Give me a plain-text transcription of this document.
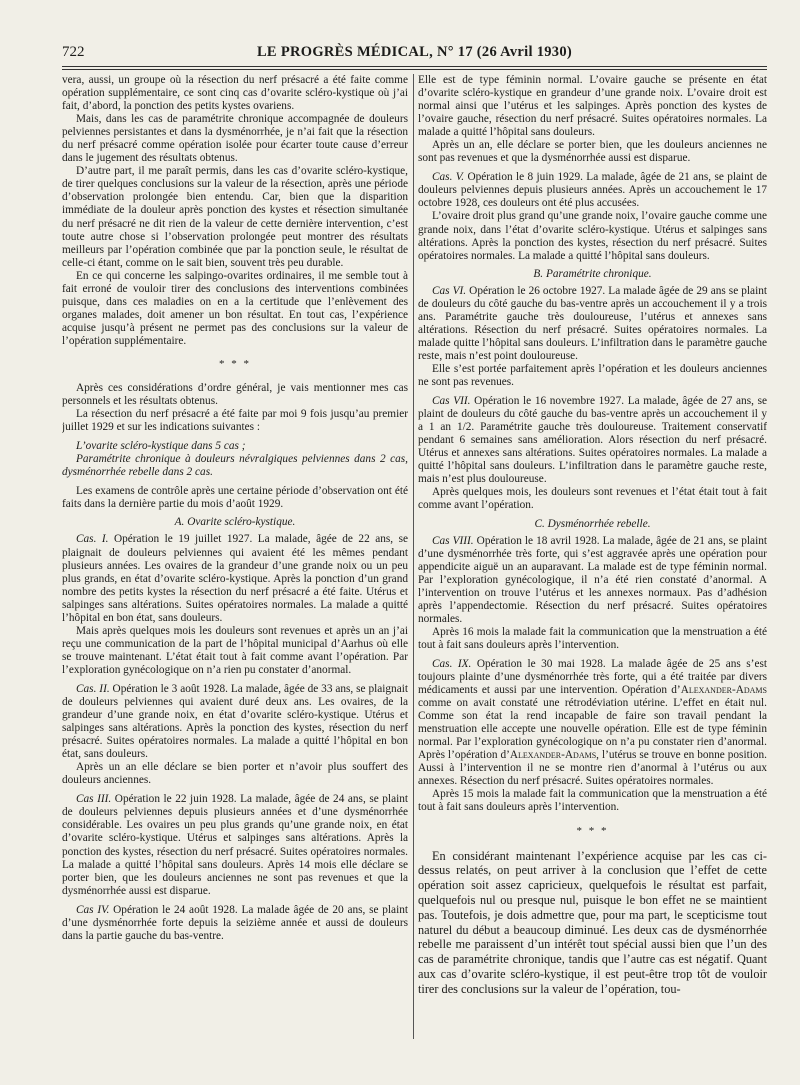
722	LE PROGRÈS MÉDICAL, N° 17 (26 Avril 1930)

vera, aussi, un groupe où la résection du nerf présacré a été faite comme opération supplémentaire, ce sont cinq cas d’ovarite scléro-kystique où j’ai fait, d’abord, la ponction des petits kystes ovariens.

Mais, dans les cas de paramétrite chronique accompagnée de douleurs pelviennes persistantes et dans la dysménorrhée, je n’ai fait que la résection du nerf présacré comme opération isolée pour écarter toute cause d’erreur dans le jugement des résultats obtenus.

D’autre part, il me paraît permis, dans les cas d’ovarite scléro-kystique, de tirer quelques conclusions sur la valeur de la résection, après une période d’observation prolongée bien entendu. Car, bien que la disparition immédiate de la douleur après ponction des kystes et résection simultanée du nerf présacré ne dit rien de la valeur de cette dernière intervention, c’est toute autre chose si l’observation prolongée peut montrer des résultats meilleurs par l’opération combinée que par la ponction seule, le résultat de celle-ci étant, comme on le sait bien, souvent très peu durable.

En ce qui concerne les salpingo-ovarites ordinaires, il me semble tout à fait erroné de vouloir tirer des conclusions des interventions combinées puisque, dans ces maladies on en a la certitude que l’enlèvement des organes malades, doit amener un bon résultat. En tout cas, l’expérience acquise jusqu’à présent ne permet pas des conclusions sur la valeur de l’opération supplémentaire.

* * *

Après ces considérations d’ordre général, je vais mentionner mes cas personnels et les résultats obtenus.

La résection du nerf présacré a été faite par moi 9 fois jusqu’au premier juillet 1929 et sur les indications suivantes :

L’ovarite scléro-kystique dans 5 cas ;

Paramétrite chronique à douleurs névralgiques pelviennes dans 2 cas, dysménorrhée rebelle dans 2 cas.

Les examens de contrôle après une certaine période d’observation ont été faits dans la dernière partie du mois d’août 1929.

A. Ovarite scléro-kystique.

Cas. I. Opération le 19 juillet 1927. La malade, âgée de 22 ans, se plaignait de douleurs pelviennes qui avaient été les mêmes pendant plusieurs années. Les ovaires de la grandeur d’une grande noix ou un peu plus grands, en état d’ovarite scléro-kystique. Après la ponction d’un grand nombre des petits kystes la résection du nerf présacré a été faite. Utérus et salpinges sans altérations. Suites opératoires normales. La malade a quitté l’hôpital en bon état, sans douleurs.

Mais après quelques mois les douleurs sont revenues et après un an j’ai reçu une communication de la part de l’hôpital municipal d’Aarhus où elle se trouve maintenant. L’état était tout à fait comme avant l’opération. Par l’exploration gynécologique on n’a rien pu constater d’anormal.

Cas. II. Opération le 3 août 1928. La malade, âgée de 33 ans, se plaignait de douleurs pelviennes qui avaient duré deux ans. Les ovaires, de la grandeur d’une grande noix, en état d’ovarite scléro-kystique. Utérus et salpinges sans altérations. Après la ponction des kystes, résection du nerf présacré. Suites opératoires normales. La malade a quitté l’hôpital en bon état, sans douleurs.

Après un an elle déclare se bien porter et n’avoir plus souffert des douleurs anciennes.

Cas III. Opération le 22 juin 1928. La malade, âgée de 24 ans, se plaint de douleurs pelviennes depuis plusieurs années et d’une dysménorrhée considérable. Les ovaires un peu plus grands qu’une grande noix, en état d’ovarite scléro-kystique. Utérus et salpinges sans altérations. Après la ponction des kystes, résection du nerf présacré. Suites opératoires normales. La malade a quitté l’hôpital sans douleurs. Après 14 mois elle déclare se porter bien, que les douleurs anciennes ne sont pas revenues et que la dysménorrhée aussi est disparue.

Cas IV. Opération le 24 août 1928. La malade âgée de 20 ans, se plaint d’une dysménorrhée forte depuis la seizième année et aussi de douleurs dans la partie gauche du bas-ventre.

Elle est de type féminin normal. L’ovaire gauche se présente en état d’ovarite scléro-kystique en grandeur d’une grande noix. L’ovaire droit est normal ainsi que l’utérus et les salpinges. Après ponction des kystes de l’ovaire gauche, résection du nerf présacré. Suites opératoires normales. La malade a quitté l’hôpital sans douleurs.

Après un an, elle déclare se porter bien, que les douleurs anciennes ne sont pas revenues et que la dysménorrhée aussi est disparue.

Cas. V. Opération le 8 juin 1929. La malade, âgée de 21 ans, se plaint de douleurs pelviennes depuis plusieurs années. Après un accouchement le 17 octobre 1928, ces douleurs ont été plus accusées.

L’ovaire droit plus grand qu’une grande noix, l’ovaire gauche comme une grande noix, dans l’état d’ovarite scléro-kystique. Utérus et salpinges sans altérations. Après la ponction des kystes, résection du nerf présacré. Suites opératoires normales. La malade a quitté l’hôpital sans douleurs.

B. Paramétrite chronique.

Cas VI. Opération le 26 octobre 1927. La malade âgée de 29 ans se plaint de douleurs du côté gauche du bas-ventre après un accouchement il y a trois ans. Paramétrite gauche très douloureuse, l’utérus et annexes sans altérations. Résection du nerf présacré. Suites opératoires normales. La malade quitte l’hôpital sans douleurs. L’infiltration dans le paramètre gauche reste, mais n’est point douloureuse.

Elle s’est portée parfaitement après l’opération et les douleurs anciennes ne sont pas revenues.

Cas VII. Opération le 16 novembre 1927. La malade, âgée de 27 ans, se plaint de douleurs du côté gauche du bas-ventre après un accouchement il y a 1 an 1/2. Paramétrite gauche très douloureuse. Traitement conservatif pendant 6 semaines sans amélioration. Alors résection du nerf présacré. Utérus et annexes sans altérations. Suites opératoires normales. La malade a quitté l’hôpital sans douleurs. L’infiltration dans le paramètre gauche reste, mais n’est plus douloureuse.

Après quelques mois, les douleurs sont revenues et l’état était tout à fait comme avant l’opération.

C. Dysménorrhée rebelle.

Cas VIII. Opération le 18 avril 1928. La malade, âgée de 21 ans, se plaint d’une dysménorrhée très forte, qui s’est aggravée après une opération pour appendicite aiguë un an auparavant. La malade est de type féminin normal. Par l’exploration gynécologique, il n’a été rien constaté d’anormal. A l’intervention on trouve l’utérus et les annexes normaux. Pas d’adhésion après l’appendectomie. Résection du nerf présacré. Suites opératoires normales.

Après 16 mois la malade fait la communication que la menstruation a été tout à fait sans douleurs après l’intervention.

Cas. IX. Opération le 30 mai 1928. La malade âgée de 25 ans s’est toujours plainte d’une dysménorrhée très forte, qui a été traitée par divers médicaments et aussi par une intervention. Opération d’Alexander-Adams comme on avait constaté une rétrodéviation utérine. L’effet en était nul. Comme son état la rend incapable de faire son travail pendant la menstruation elle accepte une nouvelle opération. Elle est de type féminin normal. Par l’exploration gynécologique on n’a pu constater rien d’anormal. Après l’opération d’Alexander-Adams, l’utérus se trouve en bonne position. Aussi à l’intervention il ne se montre rien d’anormal à l’utérus ou aux annexes. Résection du nerf présacré. Suites opératoires normales.

Après 15 mois la malade fait la communication que la menstruation a été tout à fait sans douleurs après l’intervention.

* * *

En considérant maintenant l’expérience acquise par les cas ci-dessus relatés, on peut arriver à la conclusion que l’effet de cette opération soit assez capricieux, quelquefois le résultat est parfait, quelquefois nul ou presque nul, puisque le bon effet ne se maintient pas. Toutefois, je dois admettre que, pour ma part, le scepticisme tout naturel du début a beaucoup diminué. Les deux cas de dysménorrhée rebelle me paraissent d’un intérêt tout spécial aussi bien que l’un des cas de paramétrite chronique, tandis que l’autre cas est négatif. Quant aux cas d’ovarite scléro-kystique, il est peut-être trop tôt de vouloir tirer des conclusions sur la valeur de l’opération, tou-
